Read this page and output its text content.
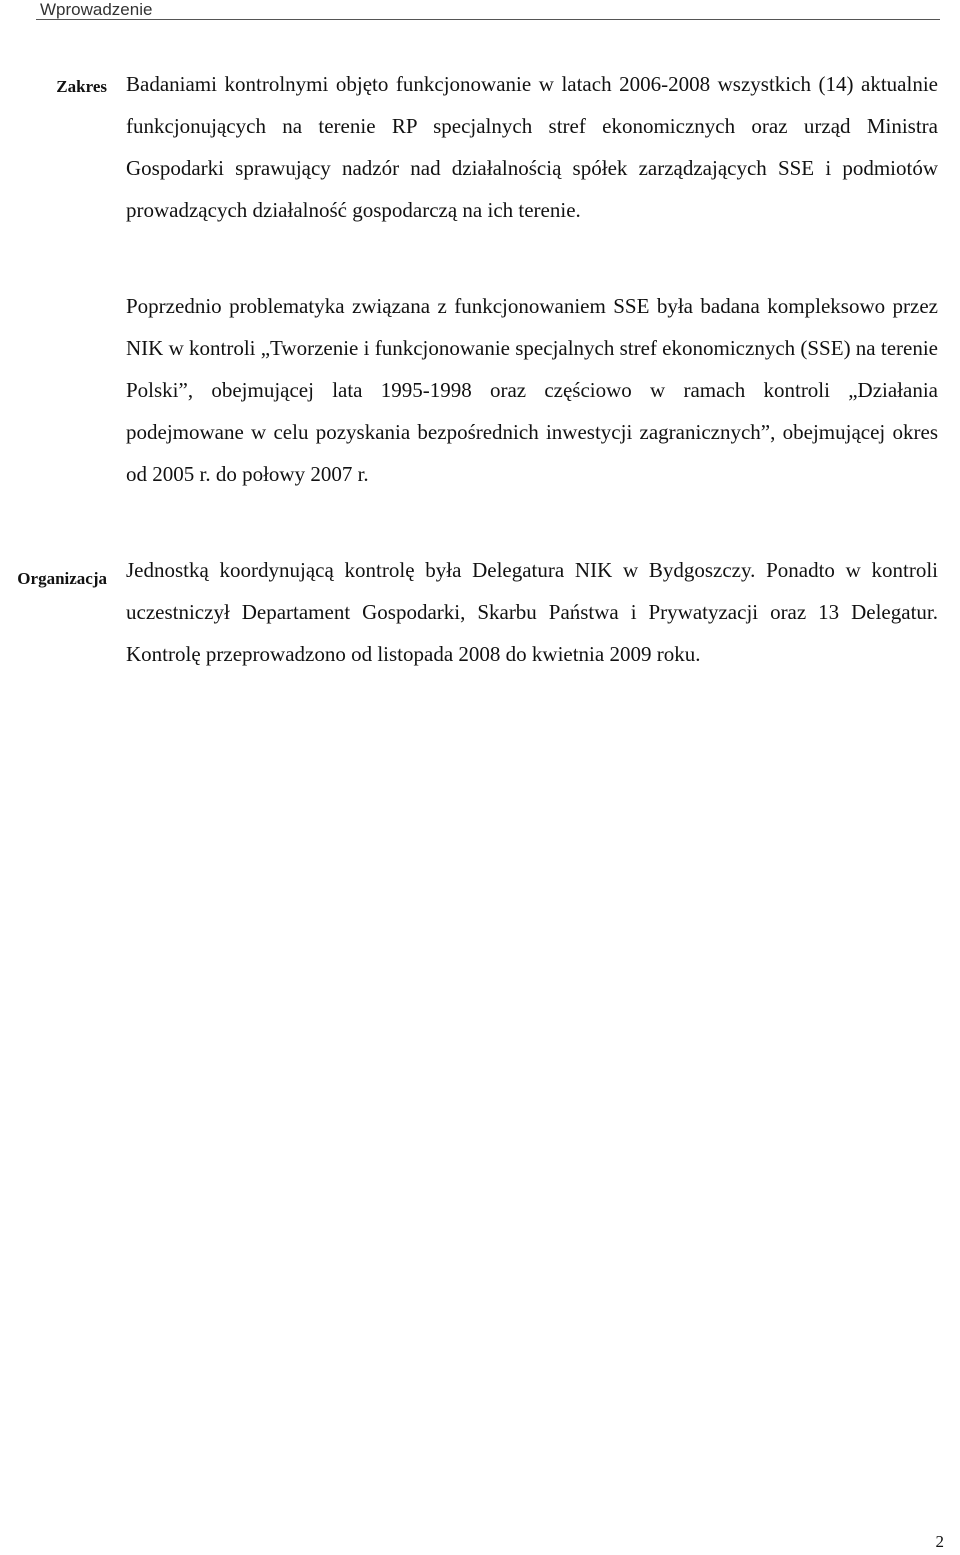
Wprowadzenie
Zakres Badaniami kontrolnymi objęto funkcjonowanie w latach 2006-2008 wszystkich (14) aktualnie funkcjonujących na terenie RP specjalnych stref ekonomicznych oraz urząd Ministra Gospodarki sprawujący nadzór nad działalnością spółek zarządzających SSE i podmiotów prowadzących działalność gospodarczą na ich terenie.

Poprzednio problematyka związana z funkcjonowaniem SSE była badana kompleksowo przez NIK w kontroli „Tworzenie i funkcjonowanie specjalnych stref ekonomicznych (SSE) na terenie Polski”, obejmującej lata 1995-1998 oraz częściowo w ramach kontroli „Działania podejmowane w celu pozyskania bezpośrednich inwestycji zagranicznych”, obejmującej okres od 2005 r. do połowy 2007 r.

Organizacja Jednostką koordynującą kontrolę była Delegatura NIK w Bydgoszczy. Ponadto w kontroli uczestniczył Departament Gospodarki, Skarbu Państwa i Prywatyzacji oraz 13 Delegatur. Kontrolę przeprowadzono od listopada 2008 do kwietnia 2009 roku.

2
